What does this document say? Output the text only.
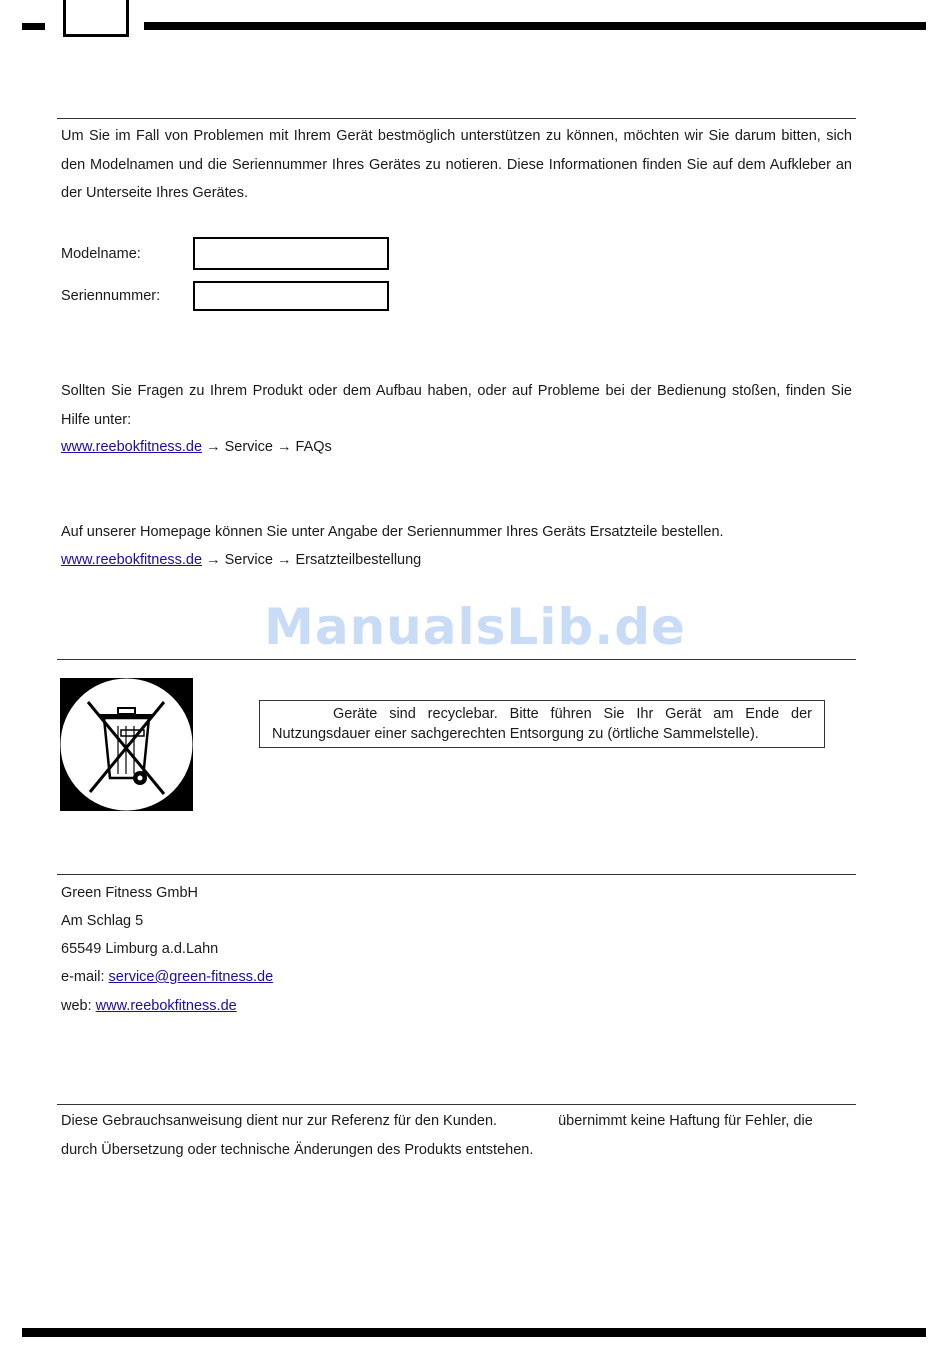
Um Sie im Fall von Problemen mit Ihrem Gerät bestmöglich unterstützen zu können, möchten wir Sie darum bitten, sich den Modelnamen und die Seriennummer Ihres Gerätes zu notieren. Diese Informationen finden Sie auf dem Aufkleber an der Unterseite Ihres Gerätes.
Modelname:
Seriennummer:
Sollten Sie Fragen zu Ihrem Produkt oder dem Aufbau haben, oder auf Probleme bei der Bedienung stoßen, finden Sie Hilfe unter:
www.reebokfitness.de → Service → FAQs
Auf unserer Homepage können Sie unter Angabe der Seriennummer Ihres Geräts Ersatzteile bestellen.
www.reebokfitness.de → Service → Ersatzteilbestellung
ManualsLib.de
Geräte sind recyclebar. Bitte führen Sie Ihr Gerät am Ende der Nutzungsdauer einer sachgerechten Entsorgung zu (örtliche Sammelstelle).
Green Fitness GmbH
Am Schlag 5
65549 Limburg a.d.Lahn
e-mail: service@green-fitness.de
web: www.reebokfitness.de
Diese Gebrauchsanweisung dient nur zur Referenz für den Kunden.	übernimmt keine Haftung für Fehler, die durch Übersetzung oder technische Änderungen des Produkts entstehen.
